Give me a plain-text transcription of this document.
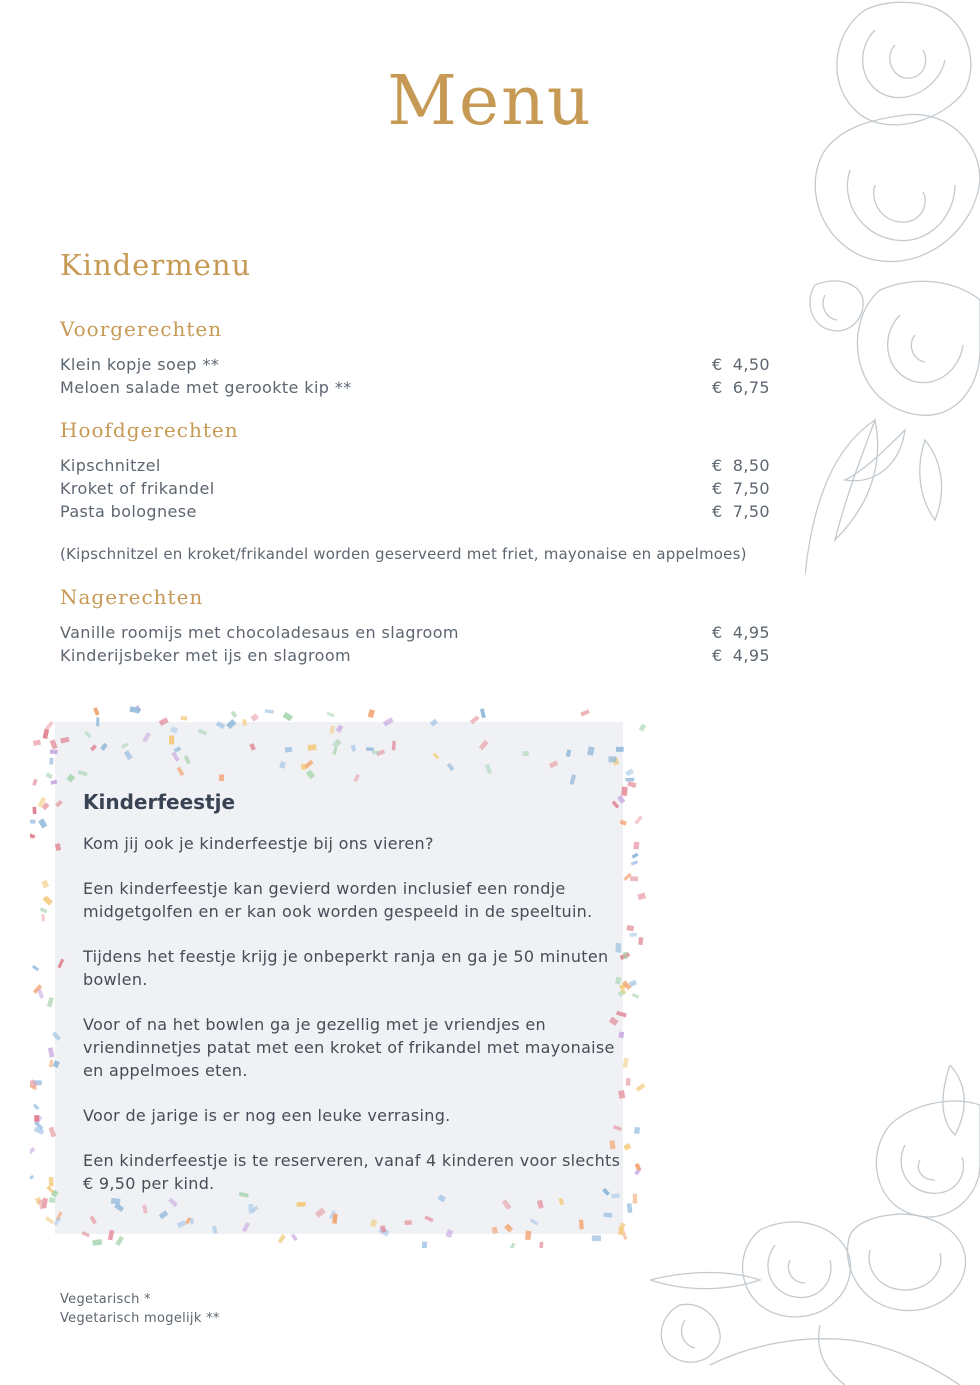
Menu
Kindermenu
Voorgerechten
Klein kopje soep **	€ 4,50
Meloen salade met gerookte kip **	€ 6,75
Hoofdgerechten
Kipschnitzel	€ 8,50
Kroket of frikandel	€ 7,50
Pasta bolognese	€ 7,50
(Kipschnitzel en kroket/frikandel worden geserveerd met friet, mayonaise en appelmoes)
Nagerechten
Vanille roomijs met chocoladesaus en slagroom	€ 4,95
Kinderijsbeker met ijs en slagroom	€ 4,95
Kinderfeestje

Kom jij ook je kinderfeestje bij ons vieren?

Een kinderfeestje kan gevierd worden inclusief een rondje midgetgolfen en er kan ook worden gespeeld in de speeltuin.

Tijdens het feestje krijg je onbeperkt ranja en ga je 50 minuten bowlen.

Voor of na het bowlen ga je gezellig met je vriendjes en vriendinnetjes patat met een kroket of frikandel met mayonaise en appelmoes eten.

Voor de jarige is er nog een leuke verrasing.

Een kinderfeestje is te reserveren, vanaf 4 kinderen voor slechts € 9,50 per kind.

Vegetarisch *
Vegetarisch mogelijk **
